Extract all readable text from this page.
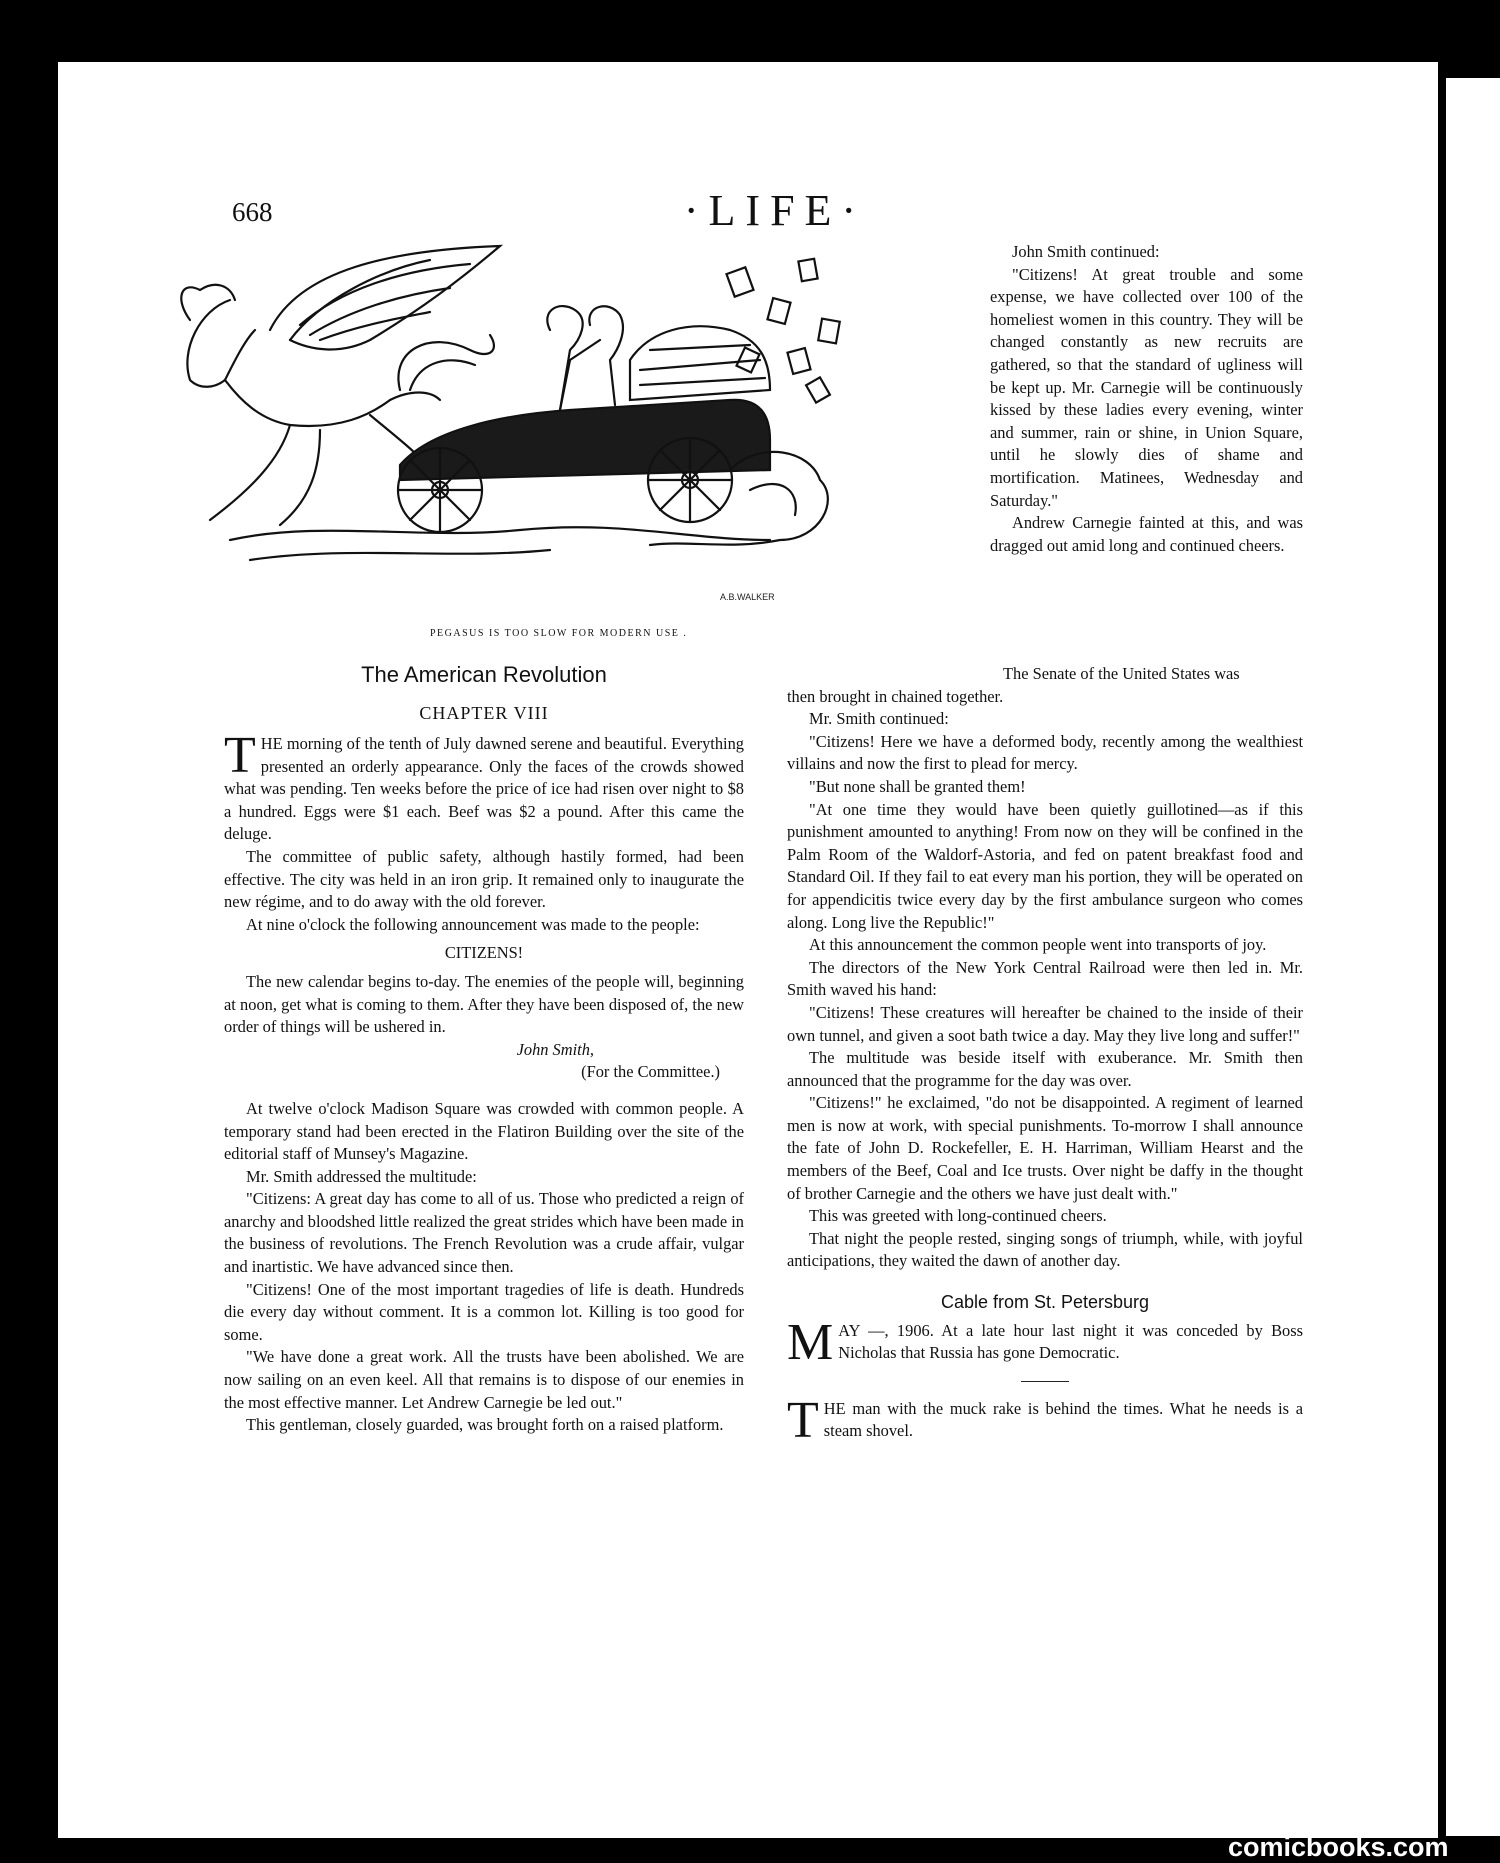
668	·LIFE·
A.B.WALKER
PEGASUS IS TOO SLOW FOR MODERN USE .
The American Revolution
CHAPTER VIII

THE morning of the tenth of July dawned serene and beautiful. Everything presented an orderly appearance. Only the faces of the crowds showed what was pending. Ten weeks before the price of ice had risen over night to $8 a hundred. Eggs were $1 each. Beef was $2 a pound. After this came the deluge.

The committee of public safety, although hastily formed, had been effective. The city was held in an iron grip. It remained only to inaugurate the new régime, and to do away with the old forever.

At nine o'clock the following announcement was made to the people:

CITIZENS!

The new calendar begins to-day. The enemies of the people will, beginning at noon, get what is coming to them. After they have been disposed of, the new order of things will be ushered in.

John Smith,
(For the Committee.)

At twelve o'clock Madison Square was crowded with common people. A temporary stand had been erected in the Flatiron Building over the site of the editorial staff of Munsey's Magazine.

Mr. Smith addressed the multitude:

"Citizens: A great day has come to all of us. Those who predicted a reign of anarchy and bloodshed little realized the great strides which have been made in the business of revolutions. The French Revolution was a crude affair, vulgar and inartistic. We have advanced since then.

"Citizens! One of the most important tragedies of life is death. Hundreds die every day without comment. It is a common lot. Killing is too good for some.

"We have done a great work. All the trusts have been abolished. We are now sailing on an even keel. All that remains is to dispose of our enemies in the most effective manner. Let Andrew Carnegie be led out."

This gentleman, closely guarded, was brought forth on a raised platform.

John Smith continued:

"Citizens! At great trouble and some expense, we have collected over 100 of the homeliest women in this country. They will be changed constantly as new recruits are gathered, so that the standard of ugliness will be kept up. Mr. Carnegie will be continuously kissed by these ladies every evening, winter and summer, rain or shine, in Union Square, until he slowly dies of shame and mortification. Matinees, Wednesday and Saturday."

Andrew Carnegie fainted at this, and was dragged out amid long and continued cheers.

The Senate of the United States was

then brought in chained together.

Mr. Smith continued:

"Citizens! Here we have a deformed body, recently among the wealthiest villains and now the first to plead for mercy.

"But none shall be granted them!

"At one time they would have been quietly guillotined—as if this punishment amounted to anything! From now on they will be confined in the Palm Room of the Waldorf-Astoria, and fed on patent breakfast food and Standard Oil. If they fail to eat every man his portion, they will be operated on for appendicitis twice every day by the first ambulance surgeon who comes along. Long live the Republic!"

At this announcement the common people went into transports of joy.

The directors of the New York Central Railroad were then led in. Mr. Smith waved his hand:

"Citizens! These creatures will hereafter be chained to the inside of their own tunnel, and given a soot bath twice a day. May they live long and suffer!"

The multitude was beside itself with exuberance. Mr. Smith then announced that the programme for the day was over.

"Citizens!" he exclaimed, "do not be disappointed. A regiment of learned men is now at work, with special punishments. To-morrow I shall announce the fate of John D. Rockefeller, E. H. Harriman, William Hearst and the members of the Beef, Coal and Ice trusts. Over night be daffy in the thought of brother Carnegie and the others we have just dealt with."

This was greeted with long-continued cheers.

That night the people rested, singing songs of triumph, while, with joyful anticipations, they waited the dawn of another day.

Cable from St. Petersburg

MAY —, 1906. At a late hour last night it was conceded by Boss Nicholas that Russia has gone Democratic.

THE man with the muck rake is behind the times. What he needs is a steam shovel.

comicbooks.com
